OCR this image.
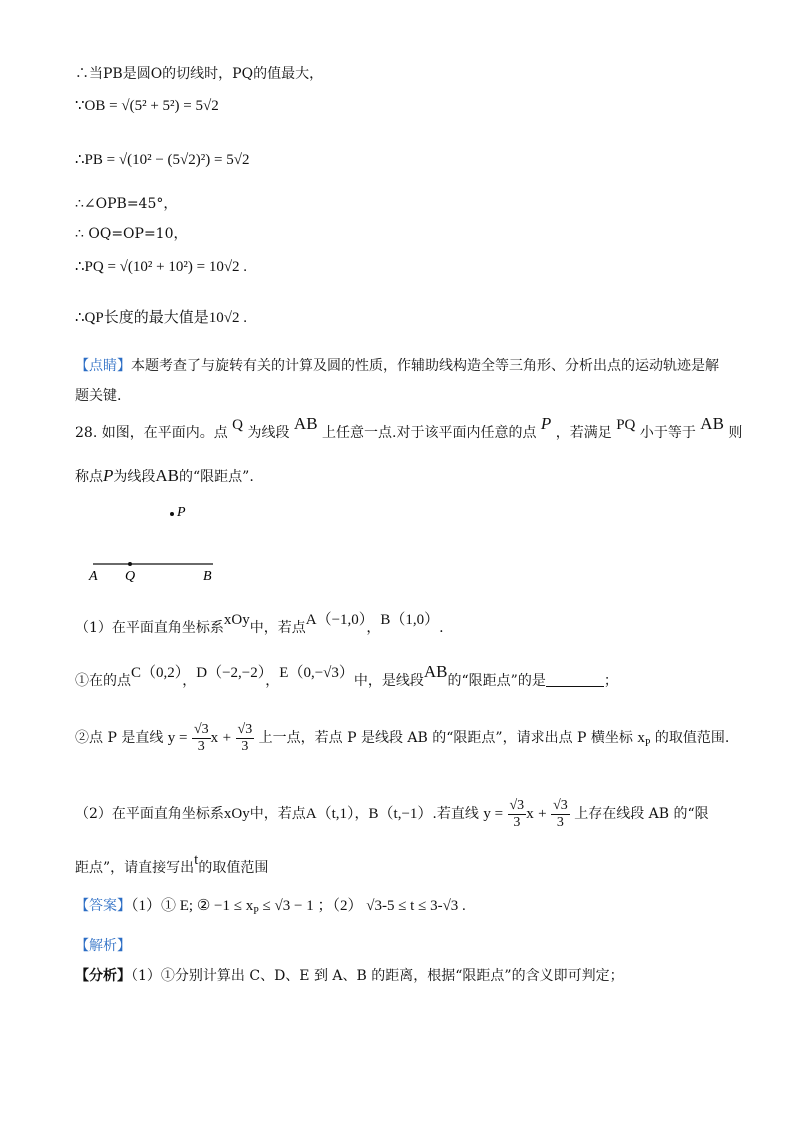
∴当PB是圆O的切线时，PQ的值最大，
∵OB = √(5² + 5²) = 5√2
∴PB = √(10² − (5√2)²) = 5√2
∴∠OPB=45°，
∴ OQ=OP=10，
∴PQ = √(10² + 10²) = 10√2 .
∴QP长度的最大值是10√2 .
【点睛】本题考查了与旋转有关的计算及圆的性质，作辅助线构造全等三角形、分析出点的运动轨迹是解
题关键.
28. 如图，在平面内。点 Q 为线段 AB 上任意一点.对于该平面内任意的点 P ，若满足 PQ 小于等于 AB 则
称点P为线段AB的“限距点”.
P
A Q	B
（1）在平面直角坐标系xOy中，若点A（−1,0），B（1,0）.
①在的点C（0,2），D（−2,−2），E（0,−√3）中，是线段AB的“限距点”的是	；
②点 P 是直线 $y = \frac{√3}{3}$ $x + \frac{√3}{3}$ 上一点，若点 P 是线段 AB 的“限距点”，请求出点 P 横坐标 $x_P$ 的取值范围.
（2）在平面直角坐标系xOy中，若点A（t,1），B（t,−1）.若直线 $y = \frac{√3}{3}$ $x + \frac{√3}{3}$ 上存在线段 AB 的“限
距点”，请直接写出t的取值范围
【答案】（1）① E; ② $-1 \le x_P \le √3 - 1$ ；（2） √3-5 ≤ t ≤ 3-√3 .
【解析】
【分析】（1）①分别计算出 C、D、E 到 A、B 的距离，根据“限距点”的含义即可判定；
